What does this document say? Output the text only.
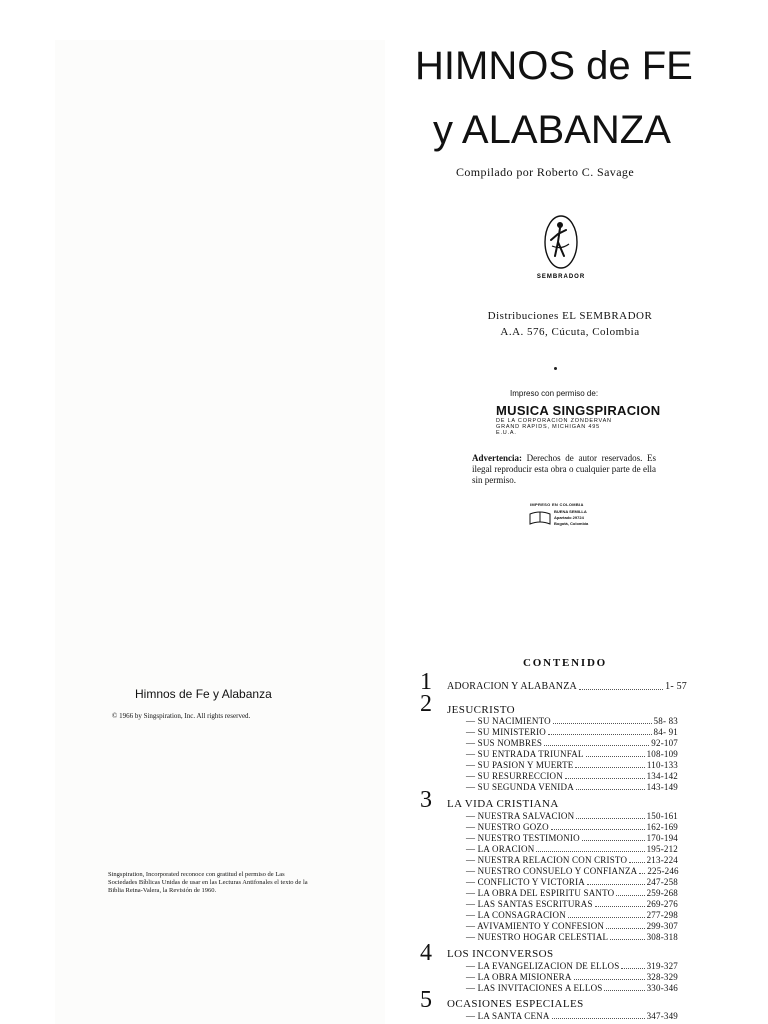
HIMNOS de FE
y ALABANZA
Compilado por Roberto C. Savage
SEMBRADOR
Distribuciones EL SEMBRADOR
A.A. 576, Cúcuta, Colombia
Impreso con permiso de:
MUSICA SINGSPIRACION
DE LA CORPORACION ZONDERVAN
GRAND RAPIDS, MICHIGAN 495
E.U.A.
Advertencia: Derechos de autor reservados. Es ilegal reproducir esta obra o cualquier parte de ella sin permiso.
IMPRESO EN COLOMBIA
BUENA SEMILLA
Apartado 29724
Bogotá, Colombia
Himnos de Fe y Alabanza
© 1966 by Singspiration, Inc. All rights reserved.
Singspiration, Incorporated reconoce con gratitud el permiso de Las Sociedades Bíblicas Unidas de usar en las Lecturas Antifonales el texto de la Biblia Reina-Valera, la Revisión de 1960.
CONTENIDO
1 ADORACION Y ALABANZA	1- 57
2 JESUCRISTO
— SU NACIMIENTO	58- 83
— SU MINISTERIO	84- 91
— SUS NOMBRES	92-107
— SU ENTRADA TRIUNFAL	108-109
— SU PASION Y MUERTE	110-133
— SU RESURRECCION	134-142
— SU SEGUNDA VENIDA	143-149
3 LA VIDA CRISTIANA
— NUESTRA SALVACION	150-161
— NUESTRO GOZO	162-169
— NUESTRO TESTIMONIO	170-194
— LA ORACION	195-212
— NUESTRA RELACION CON CRISTO 213-224
— NUESTRO CONSUELO Y CONFIANZA 225-246
— CONFLICTO Y VICTORIA	247-258
— LA OBRA DEL ESPIRITU SANTO	259-268
— LAS SANTAS ESCRITURAS	269-276
— LA CONSAGRACION	277-298
— AVIVAMIENTO Y CONFESION	299-307
— NUESTRO HOGAR CELESTIAL	308-318
4 LOS INCONVERSOS
— LA EVANGELIZACION DE ELLOS	319-327
— LA OBRA MISIONERA	328-329
— LAS INVITACIONES A ELLOS	330-346
5 OCASIONES ESPECIALES
— LA SANTA CENA	347-349
